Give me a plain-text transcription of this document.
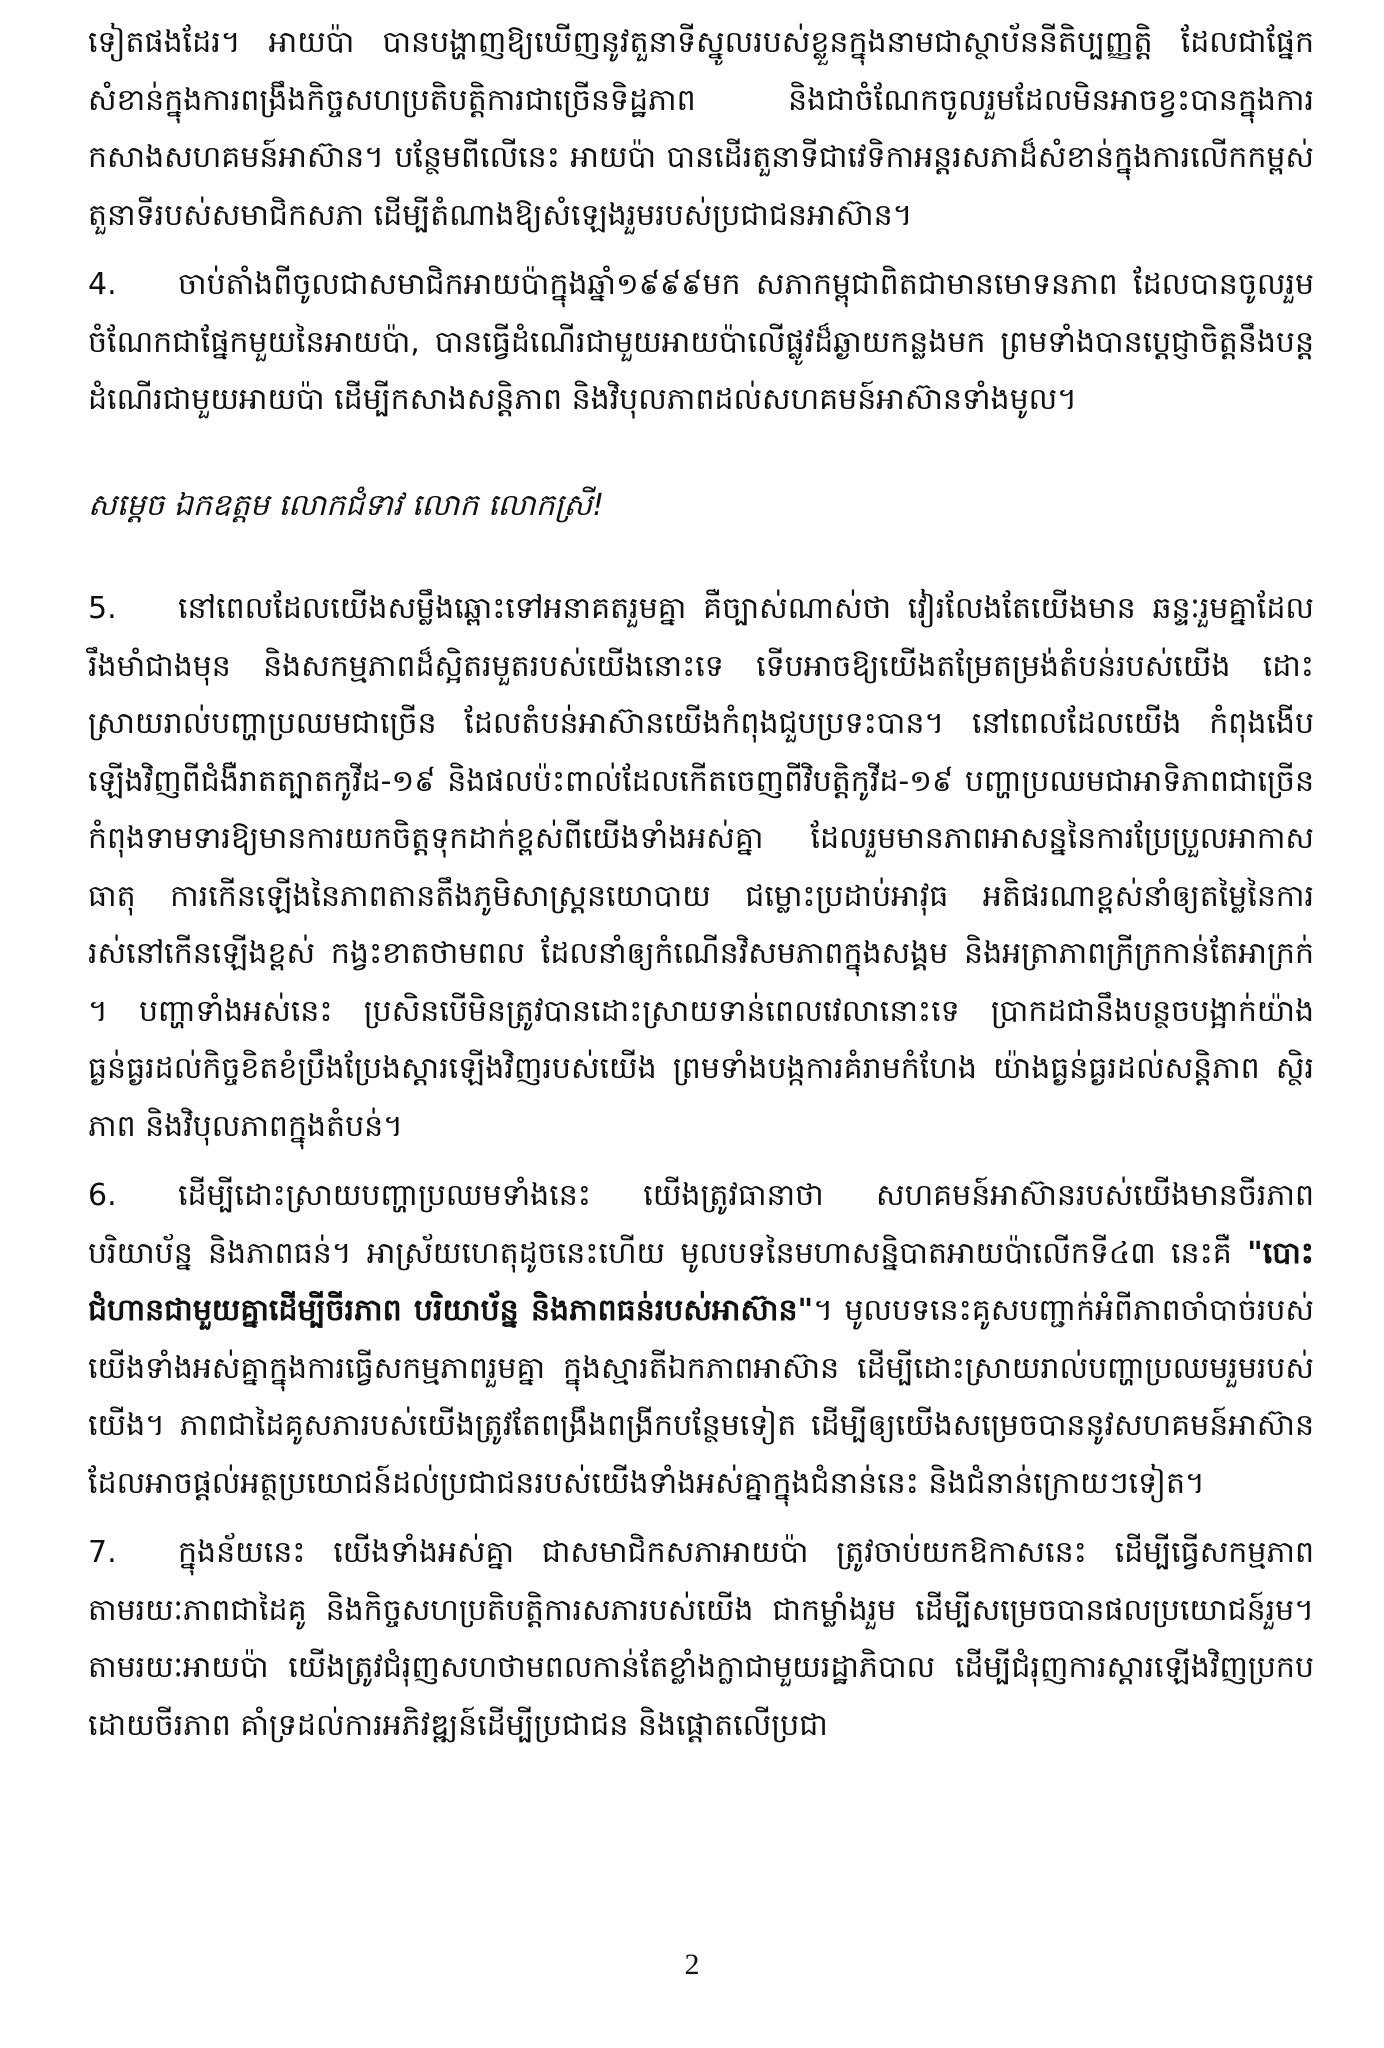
ទៀតផងដែរ។ អាយប៉ា បានបង្ហាញឱ្យឃើញនូវតួនាទីស្នូលរបស់ខ្លួនក្នុងនាមជាស្ថាប័ននីតិប្បញ្ញត្តិ ដែលជាផ្នែកសំខាន់ក្នុងការពង្រឹងកិច្ចសហប្រតិបត្តិការជាច្រើនទិដ្ឋភាព និងជាចំណែកចូលរួមដែលមិនអាចខ្វះបានក្នុងការកសាងសហគមន៍អាស៊ាន។ បន្ថែមពីលើនេះ អាយប៉ា បានដើរតួនាទីជាវេទិកាអន្តរសភាដ៏សំខាន់ក្នុងការលើកកម្ពស់តួនាទីរបស់សមាជិកសភា ដើម្បីតំណាងឱ្យសំឡេងរួមរបស់ប្រជាជនអាស៊ាន។

4. ចាប់តាំងពីចូលជាសមាជិកអាយប៉ាក្នុងឆ្នាំ១៩៩៩មក សភាកម្ពុជាពិតជាមានមោទនភាព ដែលបានចូលរួមចំណែកជាផ្នែកមួយនៃអាយប៉ា, បានធ្វើដំណើរជាមួយអាយប៉ាលើផ្លូវដ៏ឆ្ងាយកន្លងមក ព្រមទាំងបានប្ដេជ្ញាចិត្តនឹងបន្តដំណើរជាមួយអាយប៉ា ដើម្បីកសាងសន្តិភាព និងវិបុលភាពដល់សហគមន៍អាស៊ានទាំងមូល។

សម្ដេច ឯកឧត្តម លោកជំទាវ លោក លោកស្រី!

5. នៅពេលដែលយើងសម្លឹងឆ្ពោះទៅអនាគតរួមគ្នា គឺច្បាស់ណាស់ថា វៀរលែងតែយើងមាន ឆន្ទៈរួមគ្នាដែលរឹងមាំជាងមុន និងសកម្មភាពដ៏ស្អិតរមួតរបស់យើងនោះទេ ទើបអាចឱ្យយើងតម្រែតម្រង់តំបន់របស់យើង ដោះស្រាយរាល់បញ្ហាប្រឈមជាច្រើន ដែលតំបន់អាស៊ានយើងកំពុងជួបប្រទះបាន។ នៅពេលដែលយើង កំពុងងើបឡើងវិញពីជំងឺរាតត្បាតកូវីដ-១៩ និងផលប៉ះពាល់ដែលកើតចេញពីវិបត្តិកូវីដ-១៩ បញ្ហាប្រឈមជាអាទិភាពជាច្រើនកំពុងទាមទារឱ្យមានការយកចិត្តទុកដាក់ខ្ពស់ពីយើងទាំងអស់គ្នា ដែលរួមមានភាពអាសន្ននៃការប្រែប្រួលអាកាសធាតុ ការកើនឡើងនៃភាពតានតឹងភូមិសាស្ត្រនយោបាយ ជម្លោះប្រដាប់អាវុធ អតិផរណាខ្ពស់នាំឲ្យតម្លៃនៃការរស់នៅកើនឡើងខ្ពស់ កង្វះខាតថាមពល ដែលនាំឲ្យកំណើនវិសមភាពក្នុងសង្គម និងអត្រាភាពក្រីក្រកាន់តែអាក្រក់ ។ បញ្ហាទាំងអស់នេះ ប្រសិនបើមិនត្រូវបានដោះស្រាយទាន់ពេលវេលានោះទេ ប្រាកដជានឹងបន្ថចបង្អាក់យ៉ាងធ្ងន់ធ្ងរដល់កិច្ចខិតខំប្រឹងប្រែងស្តារឡើងវិញរបស់យើង ព្រមទាំងបង្កការគំរាមកំហែង យ៉ាងធ្ងន់ធ្ងរដល់សន្តិភាព ស្ថិរភាព និងវិបុលភាពក្នុងតំបន់។

6. ដើម្បីដោះស្រាយបញ្ហាប្រឈមទាំងនេះ យើងត្រូវធានាថា សហគមន៍អាស៊ានរបស់យើងមានចីរភាព បរិយាប័ន្ន និងភាពធន់។ អាស្រ័យហេតុដូចនេះហើយ មូលបទនៃមហាសន្និបាតអាយប៉ាលើកទី៤៣ នេះគឺ "បោះជំហានជាមួយគ្នាដើម្បីចីរភាព បរិយាប័ន្ន និងភាពធន់របស់អាស៊ាន"។ មូលបទនេះគូសបញ្ជាក់អំពីភាពចាំបាច់របស់យើងទាំងអស់គ្នាក្នុងការធ្វើសកម្មភាពរួមគ្នា ក្នុងស្មារតីឯកភាពអាស៊ាន ដើម្បីដោះស្រាយរាល់បញ្ហាប្រឈមរួមរបស់យើង។ ភាពជាដៃគូសភារបស់យើងត្រូវតែពង្រឹងពង្រីកបន្ថែមទៀត ដើម្បីឲ្យយើងសម្រេចបាននូវសហគមន៍អាស៊ាន ដែលអាចផ្តល់អត្ថប្រយោជន៍ដល់ប្រជាជនរបស់យើងទាំងអស់គ្នាក្នុងជំនាន់នេះ និងជំនាន់ក្រោយៗទៀត។

7. ក្នុងន័យនេះ យើងទាំងអស់គ្នា ជាសមាជិកសភាអាយប៉ា ត្រូវចាប់យកឱកាសនេះ ដើម្បីធ្វើសកម្មភាព តាមរយៈភាពជាដៃគូ និងកិច្ចសហប្រតិបត្តិការសភារបស់យើង ជាកម្លាំងរួម ដើម្បីសម្រេចបានផលប្រយោជន៍រួម។ តាមរយៈអាយប៉ា យើងត្រូវជំរុញសហថាមពលកាន់តែខ្លាំងក្លាជាមួយរដ្ឋាភិបាល ដើម្បីជំរុញការស្ដារឡើងវិញប្រកបដោយចីរភាព គាំទ្រដល់ការអភិវឌ្ឍន៍ដើម្បីប្រជាជន និងផ្តោតលើប្រជា

2
